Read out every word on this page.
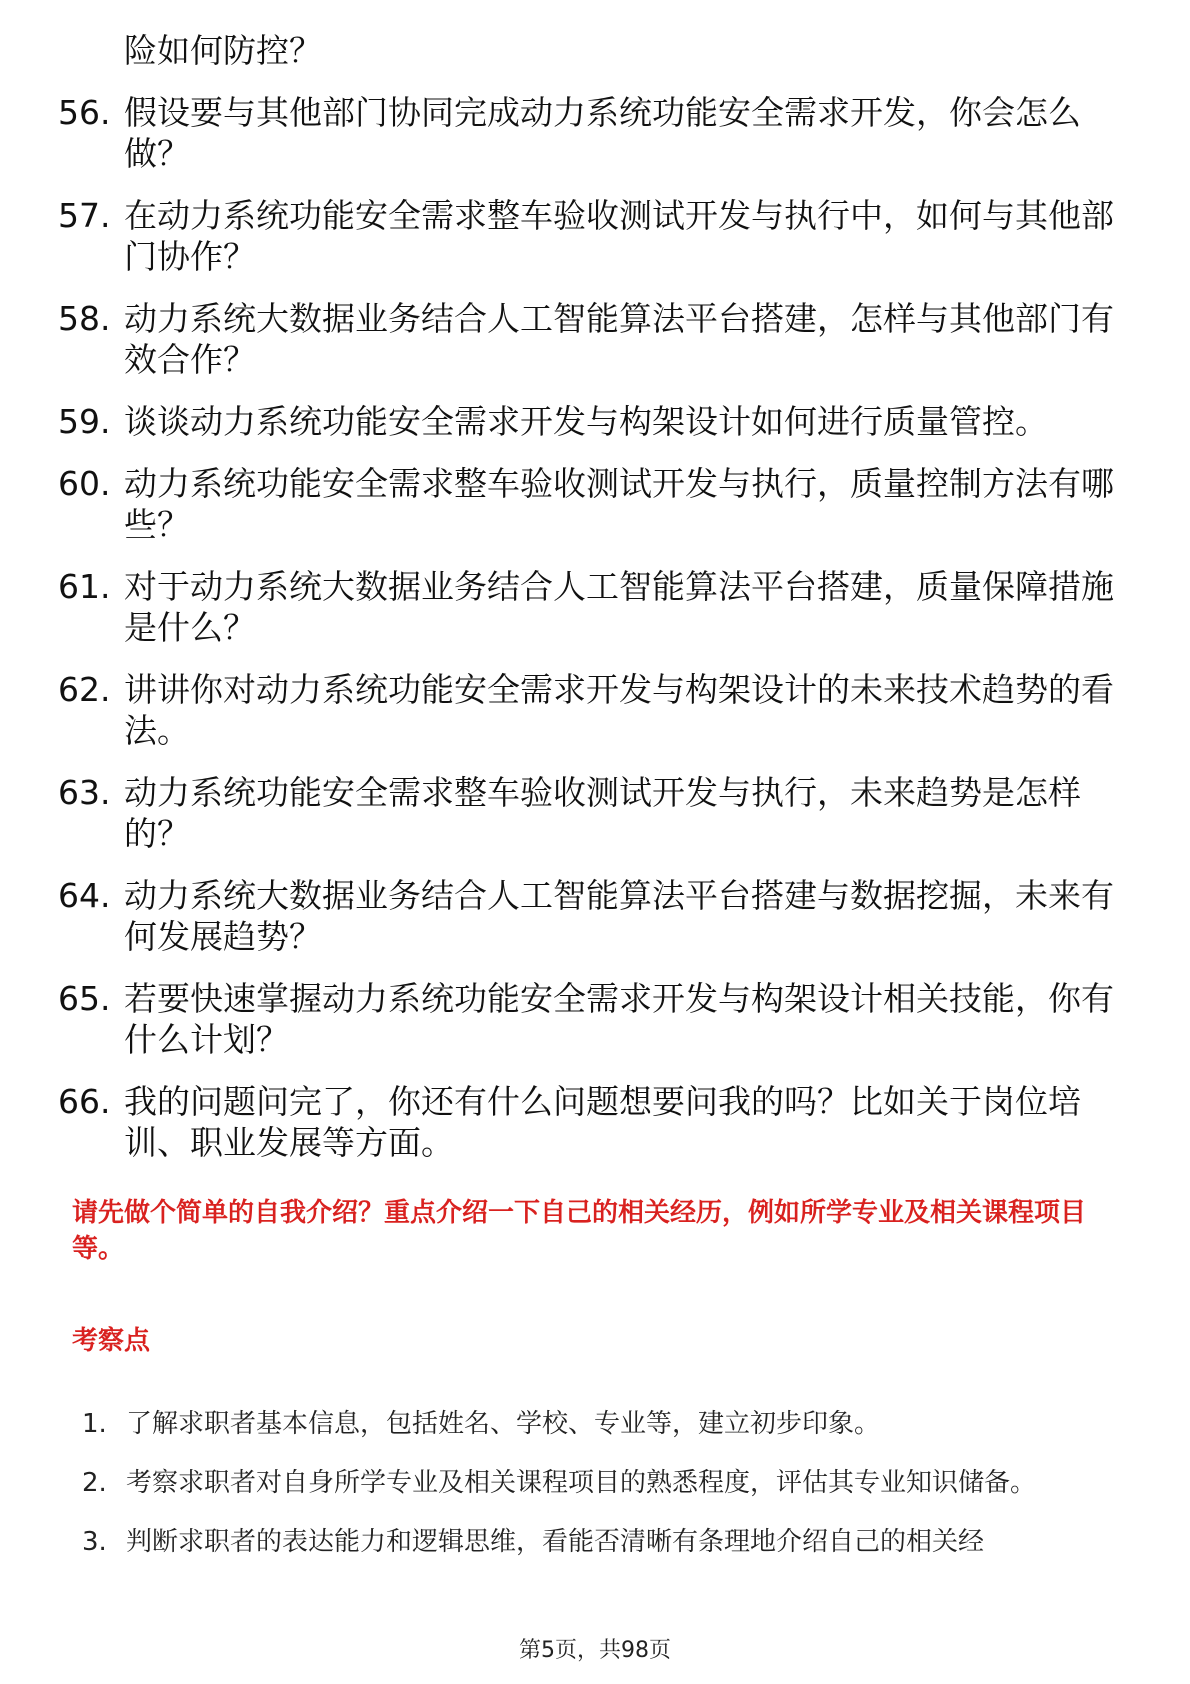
险如何防控？
56. 假设要与其他部门协同完成动力系统功能安全需求开发，你会怎么做？
57. 在动力系统功能安全需求整车验收测试开发与执行中，如何与其他部门协作？
58. 动力系统大数据业务结合人工智能算法平台搭建，怎样与其他部门有效合作？
59. 谈谈动力系统功能安全需求开发与构架设计如何进行质量管控。
60. 动力系统功能安全需求整车验收测试开发与执行，质量控制方法有哪些？
61. 对于动力系统大数据业务结合人工智能算法平台搭建，质量保障措施是什么？
62. 讲讲你对动力系统功能安全需求开发与构架设计的未来技术趋势的看法。
63. 动力系统功能安全需求整车验收测试开发与执行，未来趋势是怎样的？
64. 动力系统大数据业务结合人工智能算法平台搭建与数据挖掘，未来有何发展趋势？
65. 若要快速掌握动力系统功能安全需求开发与构架设计相关技能，你有什么计划？
66. 我的问题问完了，你还有什么问题想要问我的吗？比如关于岗位培训、职业发展等方面。
请先做个简单的自我介绍？重点介绍一下自己的相关经历，例如所学专业及相关课程项目等。
考察点
1. 了解求职者基本信息，包括姓名、学校、专业等，建立初步印象。
2. 考察求职者对自身所学专业及相关课程项目的熟悉程度，评估其专业知识储备。
3. 判断求职者的表达能力和逻辑思维，看能否清晰有条理地介绍自己的相关经
第5页，共98页
